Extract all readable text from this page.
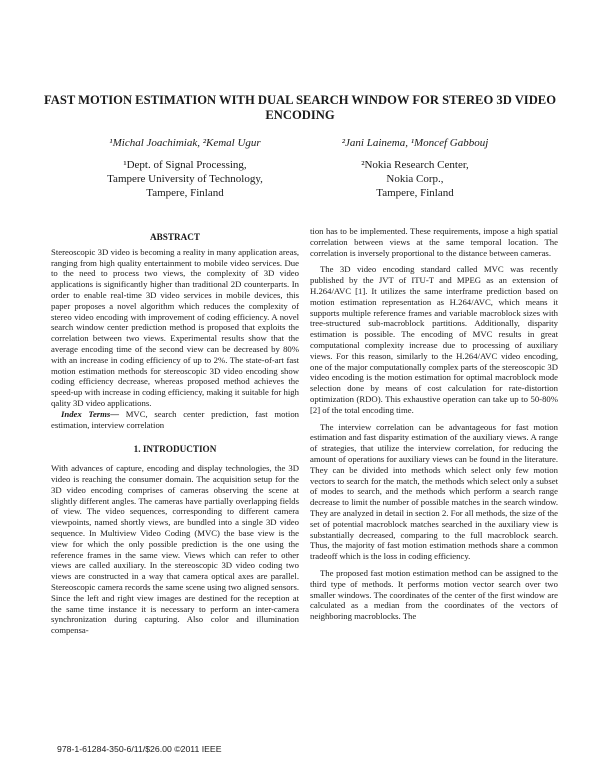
FAST MOTION ESTIMATION WITH DUAL SEARCH WINDOW FOR STEREO 3D VIDEO
ENCODING
¹Michal Joachimiak, ²Kemal Ugur
¹Dept. of Signal Processing,
Tampere University of Technology,
Tampere, Finland
²Jani Lainema, ¹Moncef Gabbouj
²Nokia Research Center,
Nokia Corp.,
Tampere, Finland
ABSTRACT

Stereoscopic 3D video is becoming a reality in many application areas, ranging from high quality entertainment to mobile video services. Due to the need to process two views, the complexity of 3D video applications is significantly higher than traditional 2D counterparts. In order to enable real-time 3D video services in mobile devices, this paper proposes a novel algorithm which reduces the complexity of stereo video encoding with improvement of coding efficiency. A novel search window center prediction method is proposed that exploits the correlation between two views. Experimental results show that the average encoding time of the second view can be decreased by 80% with an increase in coding efficiency of up to 2%. The state-of-art fast motion estimation methods for stereoscopic 3D video encoding show coding efficiency decrease, whereas proposed method achieves the speed-up with increase in coding efficiency, making it suitable for high qality 3D video applications.

Index Terms— MVC, search center prediction, fast motion estimation, interview correlation

1. INTRODUCTION

With advances of capture, encoding and display technologies, the 3D video is reaching the consumer domain. The acquisition setup for the 3D video encoding comprises of cameras observing the scene at slightly different angles. The cameras have partially overlapping fields of view. The video sequences, corresponding to different camera viewpoints, named shortly views, are bundled into a single 3D video sequence. In Multiview Video Coding (MVC) the base view is the view for which the only possible prediction is the one using the reference frames in the same view. Views which can refer to other views are called auxiliary. In the stereoscopic 3D video coding two views are constructed in a way that camera optical axes are parallel. Stereoscopic camera records the same scene using two aligned sensors. Since the left and right view images are destined for the reception at the same time instance it is necessary to perform an inter-camera synchronization during capturing. Also color and illumination compensa-

tion has to be implemented. These requirements, impose a high spatial correlation between views at the same temporal location. The correlation is inversely proportional to the distance between cameras.

The 3D video encoding standard called MVC was recently published by the JVT of ITU-T and MPEG as an extension of H.264/AVC [1]. It utilizes the same interframe prediction based on motion estimation representation as H.264/AVC, which means it supports multiple reference frames and variable macroblock sizes with tree-structured sub-macroblock partitions. Additionally, disparity estimation is possible. The encoding of MVC results in great computational complexity increase due to processing of auxiliary views. For this reason, similarly to the H.264/AVC video encoding, one of the major computationally complex parts of the stereoscopic 3D video encoding is the motion estimation for optimal macroblock mode selection done by means of cost calculation for rate-distortion optimization (RDO). This exhaustive operation can take up to 50-80% [2] of the total encoding time.

The interview correlation can be advantageous for fast motion estimation and fast disparity estimation of the auxiliary views. A range of strategies, that utilize the interview correlation, for reducing the amount of operations for auxiliary views can be found in the literature. They can be divided into methods which select only few motion vectors to search for the match, the methods which select only a subset of modes to search, and the methods which perform a search range decrease to limit the number of possible matches in the search window. They are analyzed in detail in section 2. For all methods, the size of the set of potential macroblock matches searched in the auxiliary view is substantially decreased, comparing to the full macroblock search. Thus, the majority of fast motion estimation methods share a common tradeoff which is the loss in coding efficiency.

The proposed fast motion estimation method can be assigned to the third type of methods. It performs motion vector search over two smaller windows. The coordinates of the center of the first window are calculated as a median from the coordinates of the vectors of neighboring macroblocks. The

978-1-61284-350-6/11/$26.00 ©2011 IEEE
